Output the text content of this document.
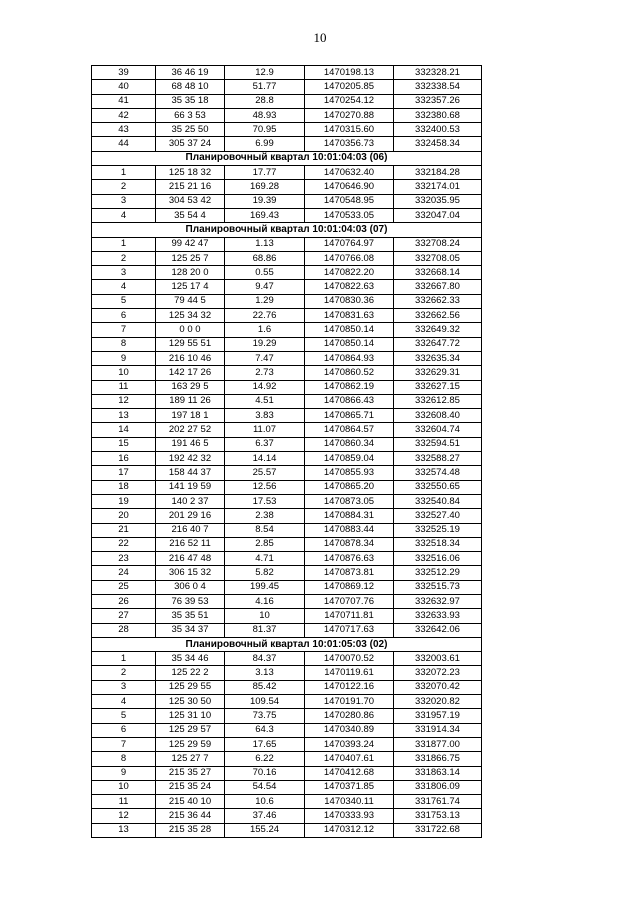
10
39	36 46 19	12.9	1470198.13	332328.21
40	68 48 10	51.77	1470205.85	332338.54
41	35 35 18	28.8	1470254.12	332357.26
42	66 3 53	48.93	1470270.88	332380.68
43	35 25 50	70.95	1470315.60	332400.53
44	305 37 24	6.99	1470356.73	332458.34
Планировочный квартал 10:01:04:03 (06)				
1	125 18 32	17.77	1470632.40	332184.28
2	215 21 16	169.28	1470646.90	332174.01
3	304 53 42	19.39	1470548.95	332035.95
4	35 54 4	169.43	1470533.05	332047.04
Планировочный квартал 10:01:04:03 (07)				
1	99 42 47	1.13	1470764.97	332708.24
2	125 25 7	68.86	1470766.08	332708.05
3	128 20 0	0.55	1470822.20	332668.14
4	125 17 4	9.47	1470822.63	332667.80
5	79 44 5	1.29	1470830.36	332662.33
6	125 34 32	22.76	1470831.63	332662.56
7	0 0 0	1.6	1470850.14	332649.32
8	129 55 51	19.29	1470850.14	332647.72
9	216 10 46	7.47	1470864.93	332635.34
10	142 17 26	2.73	1470860.52	332629.31
11	163 29 5	14.92	1470862.19	332627.15
12	189 11 26	4.51	1470866.43	332612.85
13	197 18 1	3.83	1470865.71	332608.40
14	202 27 52	11.07	1470864.57	332604.74
15	191 46 5	6.37	1470860.34	332594.51
16	192 42 32	14.14	1470859.04	332588.27
17	158 44 37	25.57	1470855.93	332574.48
18	141 19 59	12.56	1470865.20	332550.65
19	140 2 37	17.53	1470873.05	332540.84
20	201 29 16	2.38	1470884.31	332527.40
21	216 40 7	8.54	1470883.44	332525.19
22	216 52 11	2.85	1470878.34	332518.34
23	216 47 48	4.71	1470876.63	332516.06
24	306 15 32	5.82	1470873.81	332512.29
25	306 0 4	199.45	1470869.12	332515.73
26	76 39 53	4.16	1470707.76	332632.97
27	35 35 51	10	1470711.81	332633.93
28	35 34 37	81.37	1470717.63	332642.06
Планировочный квартал 10:01:05:03 (02)				
1	35 34 46	84.37	1470070.52	332003.61
2	125 22 2	3.13	1470119.61	332072.23
3	125 29 55	85.42	1470122.16	332070.42
4	125 30 50	109.54	1470191.70	332020.82
5	125 31 10	73.75	1470280.86	331957.19
6	125 29 57	64.3	1470340.89	331914.34
7	125 29 59	17.65	1470393.24	331877.00
8	125 27 7	6.22	1470407.61	331866.75
9	215 35 27	70.16	1470412.68	331863.14
10	215 35 24	54.54	1470371.85	331806.09
11	215 40 10	10.6	1470340.11	331761.74
12	215 36 44	37.46	1470333.93	331753.13
13	215 35 28	155.24	1470312.12	331722.68
